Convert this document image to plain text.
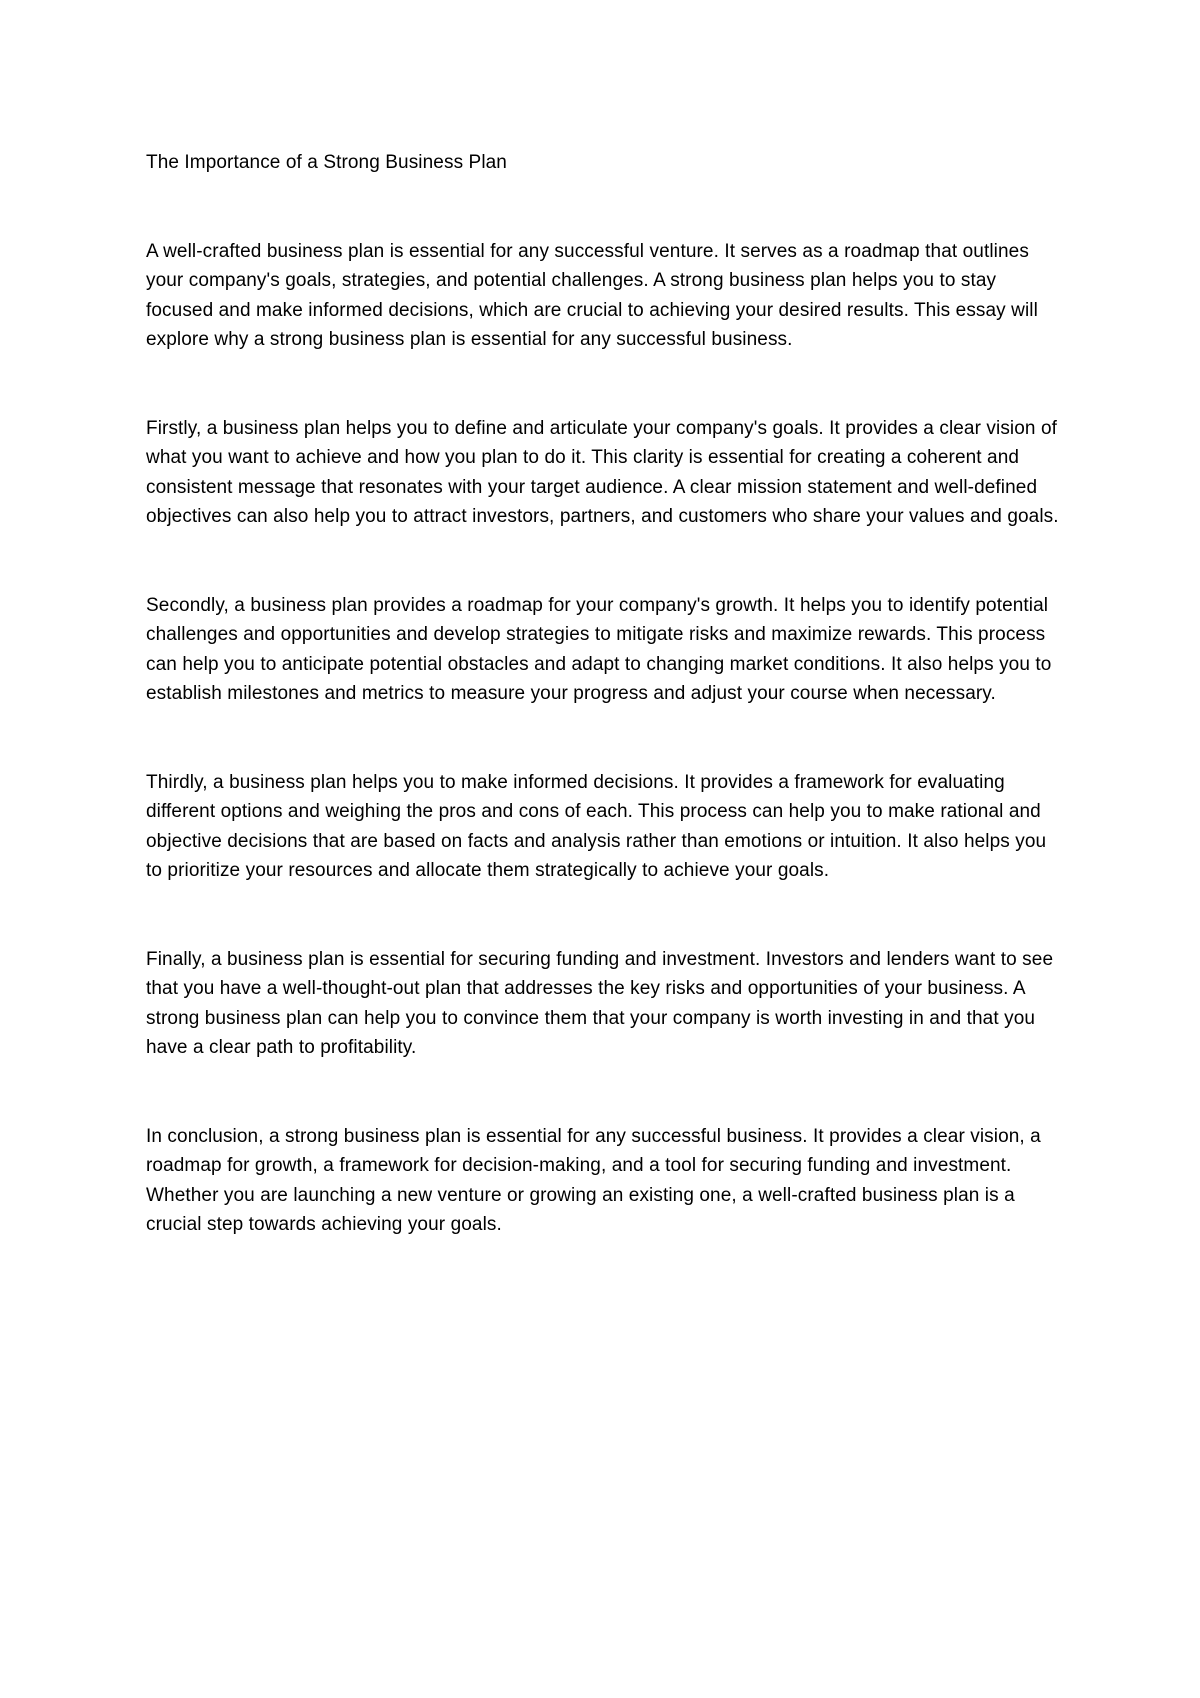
The Importance of a Strong Business Plan

A well-crafted business plan is essential for any successful venture. It serves as a roadmap that outlines your company's goals, strategies, and potential challenges. A strong business plan helps you to stay focused and make informed decisions, which are crucial to achieving your desired results. This essay will explore why a strong business plan is essential for any successful business.

Firstly, a business plan helps you to define and articulate your company's goals. It provides a clear vision of what you want to achieve and how you plan to do it. This clarity is essential for creating a coherent and consistent message that resonates with your target audience. A clear mission statement and well-defined objectives can also help you to attract investors, partners, and customers who share your values and goals.

Secondly, a business plan provides a roadmap for your company's growth. It helps you to identify potential challenges and opportunities and develop strategies to mitigate risks and maximize rewards. This process can help you to anticipate potential obstacles and adapt to changing market conditions. It also helps you to establish milestones and metrics to measure your progress and adjust your course when necessary.

Thirdly, a business plan helps you to make informed decisions. It provides a framework for evaluating different options and weighing the pros and cons of each. This process can help you to make rational and objective decisions that are based on facts and analysis rather than emotions or intuition. It also helps you to prioritize your resources and allocate them strategically to achieve your goals.

Finally, a business plan is essential for securing funding and investment. Investors and lenders want to see that you have a well-thought-out plan that addresses the key risks and opportunities of your business. A strong business plan can help you to convince them that your company is worth investing in and that you have a clear path to profitability.

In conclusion, a strong business plan is essential for any successful business. It provides a clear vision, a roadmap for growth, a framework for decision-making, and a tool for securing funding and investment. Whether you are launching a new venture or growing an existing one, a well-crafted business plan is a crucial step towards achieving your goals.
